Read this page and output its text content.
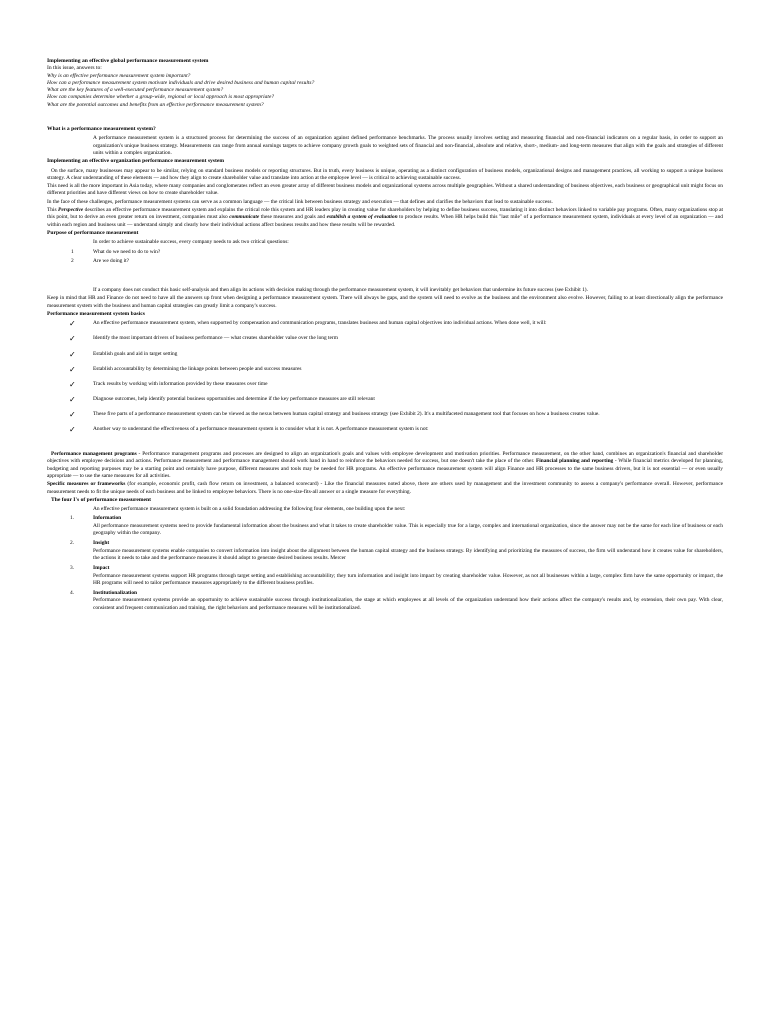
Implementing an effective global performance measurement system

In this issue, answers to:

Why is an effective performance measurement system important?

How can a performance measurement system motivate individuals and drive desired business and human capital results?

What are the key features of a well-executed performance measurement system?

How can companies determine whether a group-wide, regional or local approach is most appropriate?

What are the potential outcomes and benefits from an effective performance measurement system?

What is a performance measurement system?

A performance measurement system is a structured process for determining the success of an organization against defined performance benchmarks. The process usually involves setting and measuring financial and non-financial indicators on a regular basis, in order to support an organization's unique business strategy. Measurements can range from annual earnings targets to achieve company growth goals to weighted sets of financial and non-financial, absolute and relative, short-, medium- and long-term measures that align with the goals and strategies of different units within a complex organization.

Implementing an effective organization performance measurement system

On the surface, many businesses may appear to be similar, relying on standard business models or reporting structures. But in truth, every business is unique, operating as a distinct configuration of business models, organizational designs and management practices, all working to support a unique business strategy. A clear understanding of these elements — and how they align to create shareholder value and translate into action at the employee level — is critical to achieving sustainable success.

This need is all the more important in Asia today, where many companies and conglomerates reflect an even greater array of different business models and organizational systems across multiple geographies. Without a shared understanding of business objectives, each business or geographical unit might focus on different priorities and have different views on how to create shareholder value.

In the face of these challenges, performance measurement systems can serve as a common language — the critical link between business strategy and execution — that defines and clarifies the behaviors that lead to sustainable success.

This Perspective describes an effective performance measurement system and explains the critical role this system and HR leaders play in creating value for shareholders by helping to define business success, translating it into distinct behaviors linked to variable pay programs. Often, many organizations stop at this point, but to derive an even greater return on investment, companies must also communicate these measures and goals and establish a system of evaluation to produce results. When HR helps build this "last mile" of a performance measurement system, individuals at every level of an organization — and within each region and business unit — understand simply and clearly how their individual actions affect business results and how these results will be rewarded.

Purpose of performance measurement

In order to achieve sustainable success, every company needs to ask two critical questions:

1	What do we need to do to win?
2	Are we doing it?

If a company does not conduct this basic self-analysis and then align its actions with decision making through the performance measurement system, it will inevitably get behaviors that undermine its future success (see Exhibit 1).

Keep in mind that HR and Finance do not need to have all the answers up front when designing a performance measurement system. There will always be gaps, and the system will need to evolve as the business and the environment also evolve. However, failing to at least directionally align the performance measurement system with the business and human capital strategies can greatly limit a company's success.

Performance measurement system basics

✓	An effective performance measurement system, when supported by compensation and communication programs, translates business and human capital objectives into individual actions. When done well, it will:
✓	Identify the most important drivers of business performance — what creates shareholder value over the long term
✓	Establish goals and aid in target setting
✓	Establish accountability by determining the linkage points between people and success measures
✓	Track results by working with information provided by these measures over time
✓	Diagnose outcomes, help identify potential business opportunities and determine if the key performance measures are still relevant
✓	These five parts of a performance measurement system can be viewed as the nexus between human capital strategy and business strategy (see Exhibit 2). It's a multifaceted management tool that focuses on how a business creates value.
✓	Another way to understand the effectiveness of a performance measurement system is to consider what it is not. A performance measurement system is not:

Performance management programs - Performance management programs and processes are designed to align an organization's goals and values with employee development and motivation priorities. Performance measurement, on the other hand, combines an organization's financial and shareholder objectives with employee decisions and actions. Performance measurement and performance management should work hand in hand to reinforce the behaviors needed for success, but one doesn't take the place of the other. Financial planning and reporting - While financial metrics developed for planning, budgeting and reporting purposes may be a starting point and certainly have purpose, different measures and tools may be needed for HR programs. An effective performance measurement system will align Finance and HR processes to the same business drivers, but it is not essential — or even usually appropriate — to use the same measures for all activities.

Specific measures or frameworks (for example, economic profit, cash flow return on investment, a balanced scorecard) - Like the financial measures noted above, there are others used by management and the investment community to assess a company's performance overall. However, performance measurement needs to fit the unique needs of each business and be linked to employee behaviors. There is no one-size-fits-all answer or a single measure for everything.

The four I's of performance measurement

An effective performance measurement system is built on a solid foundation addressing the following four elements, one building upon the next:

1.	Information
All performance measurement systems need to provide fundamental information about the business and what it takes to create shareholder value. This is especially true for a large, complex and international organization, since the answer may not be the same for each line of business or each geography within the company.
2.	Insight
Performance measurement systems enable companies to convert information into insight about the alignment between the human capital strategy and the business strategy. By identifying and prioritizing the measures of success, the firm will understand how it creates value for shareholders, the actions it needs to take and the performance measures it should adopt to generate desired business results. Mercer
3.	Impact
Performance measurement systems support HR programs through target setting and establishing accountability; they turn information and insight into impact by creating shareholder value. However, as not all businesses within a large, complex firm have the same opportunity or impact, the HR programs will need to tailor performance measures appropriately to the different business profiles.
4.	Institutionalization
Performance measurement systems provide an opportunity to achieve sustainable success through institutionalization, the stage at which employees at all levels of the organization understand how their actions affect the company's results and, by extension, their own pay. With clear, consistent and frequent communication and training, the right behaviors and performance measures will be institutionalized.
